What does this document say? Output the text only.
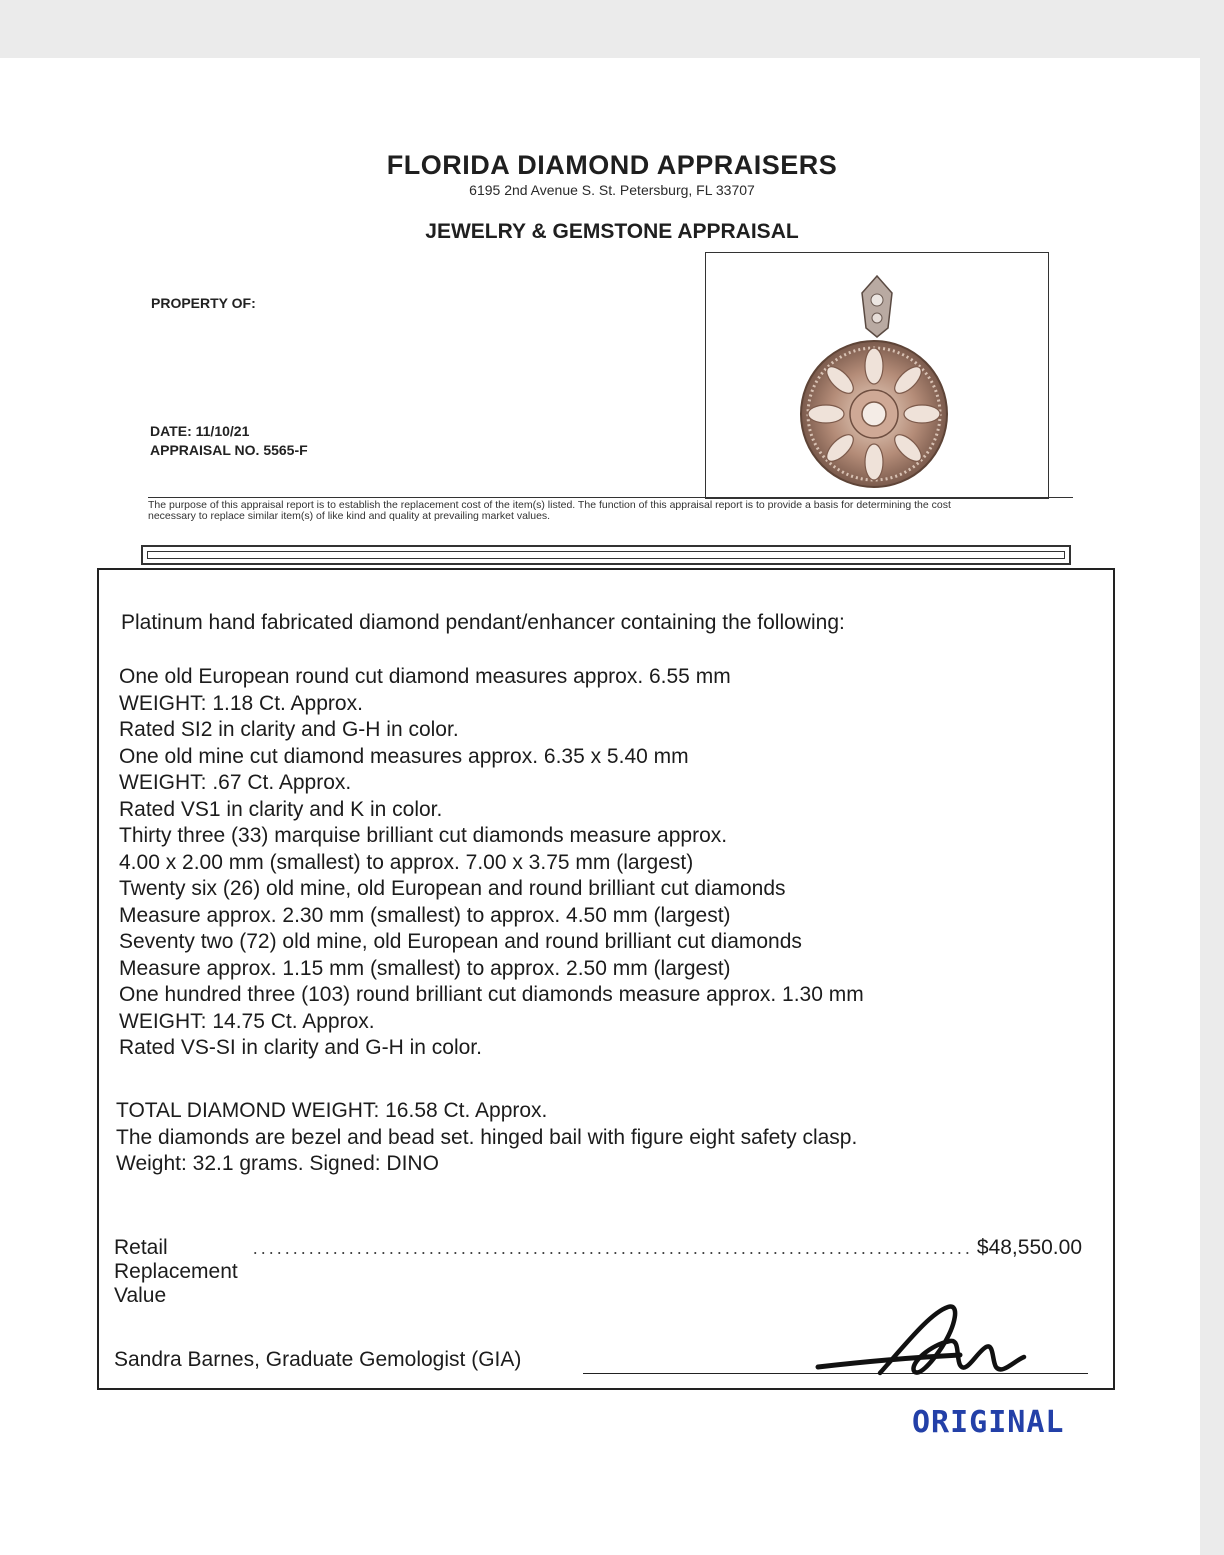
FLORIDA DIAMOND APPRAISERS
6195 2nd Avenue S. St. Petersburg, FL 33707
JEWELRY & GEMSTONE APPRAISAL
PROPERTY OF:
DATE: 11/10/21
APPRAISAL NO. 5565-F
The purpose of this appraisal report is to establish the replacement cost of the item(s) listed. The function of this appraisal report is to provide a basis for determining the cost
necessary to replace similar item(s) of like kind and quality at prevailing market values.
Platinum hand fabricated diamond pendant/enhancer containing the following:
One old European round cut diamond measures approx. 6.55 mm
WEIGHT: 1.18 Ct. Approx.
Rated SI2 in clarity and G-H in color.
One old mine cut diamond measures approx. 6.35 x 5.40 mm
WEIGHT: .67 Ct. Approx.
Rated VS1 in clarity and K in color.
Thirty three (33) marquise brilliant cut diamonds measure approx.
4.00 x 2.00 mm (smallest) to approx. 7.00 x 3.75 mm (largest)
Twenty six (26) old mine, old European and round brilliant cut diamonds
Measure approx. 2.30 mm (smallest) to approx. 4.50 mm (largest)
Seventy two (72) old mine, old European and round brilliant cut diamonds
Measure approx. 1.15 mm (smallest) to approx. 2.50 mm (largest)
One hundred three (103) round brilliant cut diamonds measure approx. 1.30 mm
WEIGHT: 14.75 Ct. Approx.
Rated VS-SI in clarity and G-H in color.
TOTAL DIAMOND WEIGHT: 16.58 Ct. Approx.
The diamonds are bezel and bead set. hinged bail with figure eight safety clasp.
Weight: 32.1 grams. Signed: DINO
Retail Replacement Value
.......................................................................................... $48,550.00
Sandra Barnes, Graduate Gemologist (GIA)
ORIGINAL
